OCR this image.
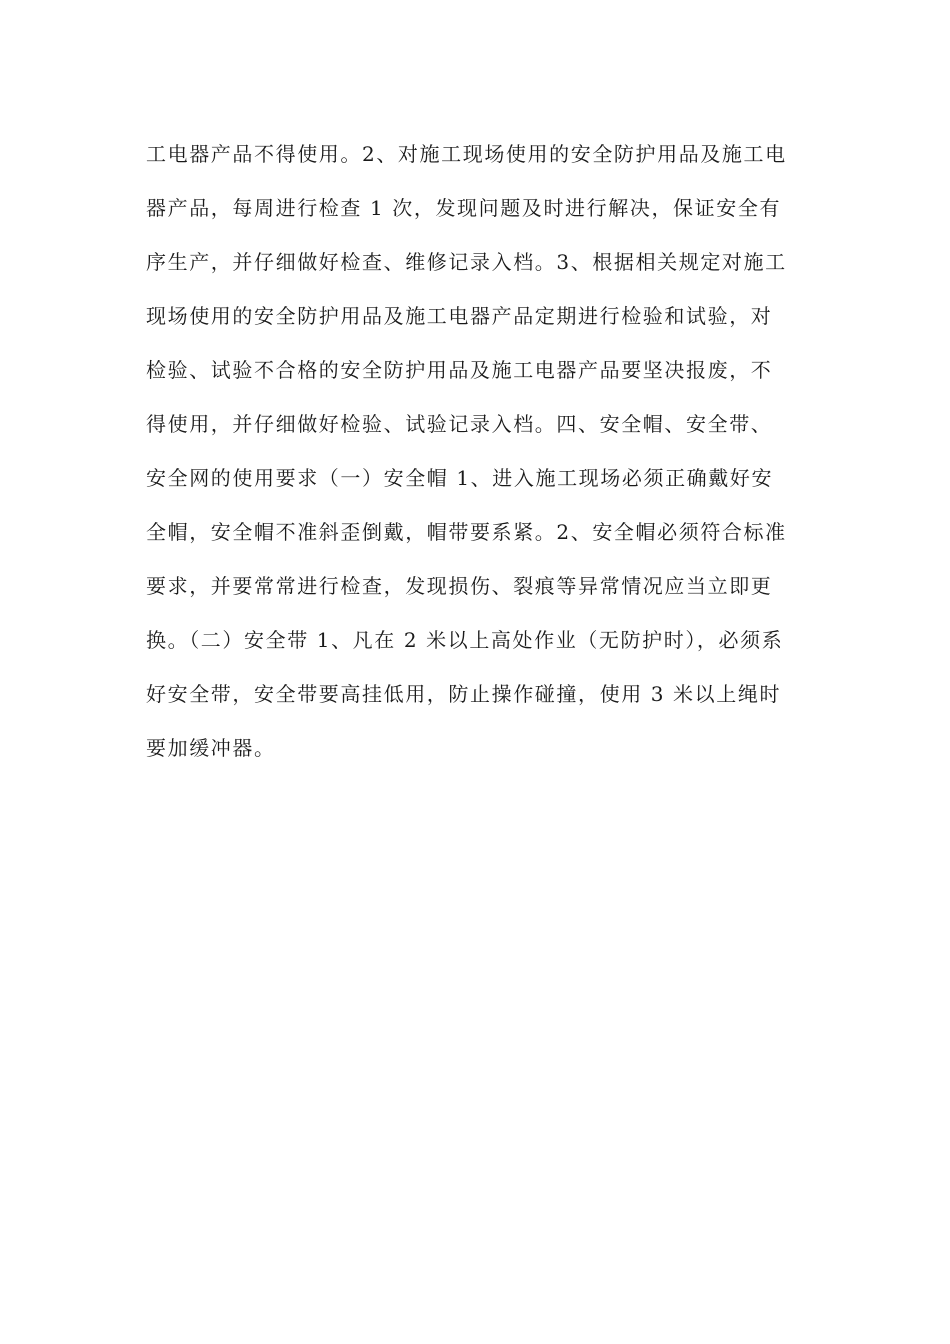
工电器产品不得使用。2、对施工现场使用的安全防护用品及施工电
器产品，每周进行检查 1 次，发现问题及时进行解决，保证安全有
序生产，并仔细做好检查、维修记录入档。3、根据相关规定对施工
现场使用的安全防护用品及施工电器产品定期进行检验和试验，对
检验、试验不合格的安全防护用品及施工电器产品要坚决报废，不
得使用，并仔细做好检验、试验记录入档。四、安全帽、安全带、
安全网的使用要求（一）安全帽 1、进入施工现场必须正确戴好安
全帽，安全帽不准斜歪倒戴，帽带要系紧。2、安全帽必须符合标准
要求，并要常常进行检查，发现损伤、裂痕等异常情况应当立即更
换。（二）安全带 1、凡在 2 米以上高处作业（无防护时），必须系
好安全带，安全带要高挂低用，防止操作碰撞，使用 3 米以上绳时
要加缓冲器。
